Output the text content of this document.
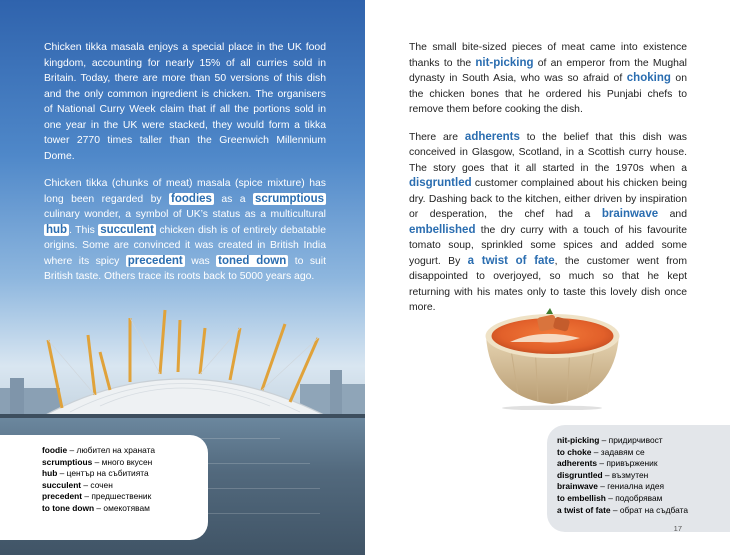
Chicken tikka masala enjoys a special place in the UK food kingdom, accounting for nearly 15% of all curries sold in Britain. Today, there are more than 50 versions of this dish and the only common ingredient is chicken. The organisers of National Curry Week claim that if all the portions sold in one year in the UK were stacked, they would form a tikka tower 2770 times taller than the Greenwich Millennium Dome.

Chicken tikka (chunks of meat) masala (spice mixture) has long been regarded by foodies as a scrumptious culinary wonder, a symbol of UK’s status as a multicultural hub . This succulent chicken dish is of entirely debatable origins. Some are convinced it was created in British India where its spicy precedent was toned down to suit British taste. Others trace its roots back to 5000 years ago.

foodie – любител на храната
scrumptious – много вкусен
hub – център на събитията
succulent – сочен
precedent – предшественик
to tone down – омекотявам
16 CHICKEN TIKKA MASALA

The small bite-sized pieces of meat came into existence thanks to the nit-picking of an emperor from the Mughal dynasty in South Asia, who was so afraid of choking on the chicken bones that he ordered his Punjabi chefs to remove them before cooking the dish.

There are adherents to the belief that this dish was conceived in Glasgow, Scotland, in a Scottish curry house. The story goes that it all started in the 1970s when a disgruntled customer complained about his chicken being dry. Dashing back to the kitchen, either driven by inspiration or desperation, the chef had a brainwave and embellished the dry curry with a touch of his favourite tomato soup, sprinkled some spices and added some yogurt. By a twist of fate, the customer went from disappointed to overjoyed, so much so that he kept returning with his mates only to taste this lovely dish once more.

nit-picking – придирчивост
to choke – задавям се
adherents – привърженик
disgruntled – възмутен
brainwave – гениална идея
to embellish – подобрявам
a twist of fate – обрат на съдбата
17
